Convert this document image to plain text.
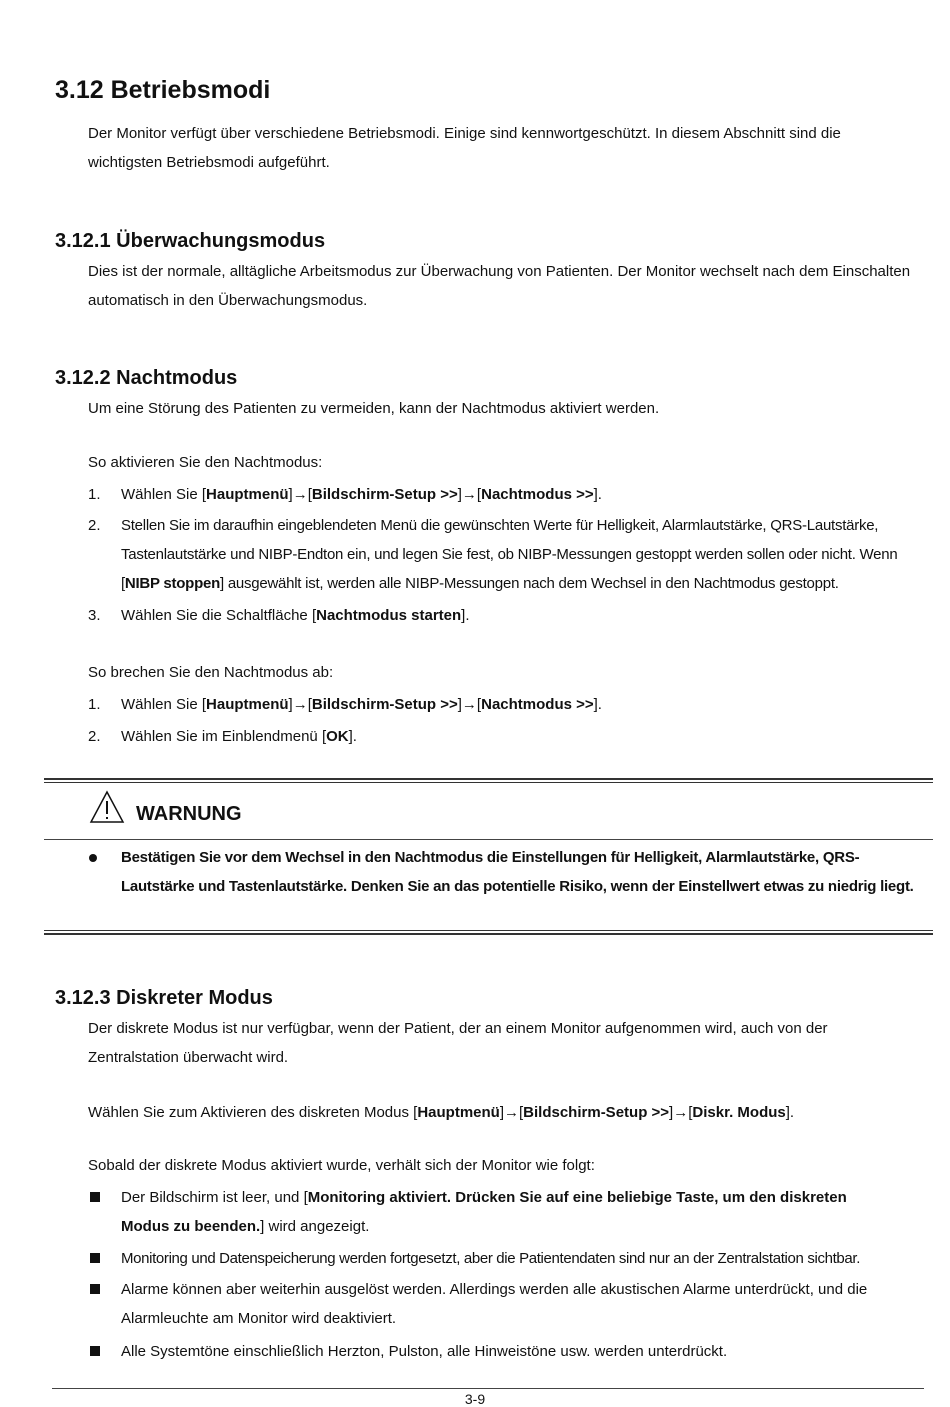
3.12 Betriebsmodi

Der Monitor verfügt über verschiedene Betriebsmodi. Einige sind kennwortgeschützt. In diesem Abschnitt sind die wichtigsten Betriebsmodi aufgeführt.

3.12.1 Überwachungsmodus

Dies ist der normale, alltägliche Arbeitsmodus zur Überwachung von Patienten. Der Monitor wechselt nach dem Einschalten automatisch in den Überwachungsmodus.

3.12.2 Nachtmodus

Um eine Störung des Patienten zu vermeiden, kann der Nachtmodus aktiviert werden.

So aktivieren Sie den Nachtmodus:

1. Wählen Sie [Hauptmenü]→[Bildschirm-Setup >>]→[Nachtmodus >>].
2. Stellen Sie im daraufhin eingeblendeten Menü die gewünschten Werte für Helligkeit, Alarmlautstärke, QRS-Lautstärke, Tastenlautstärke und NIBP-Endton ein, und legen Sie fest, ob NIBP-Messungen gestoppt werden sollen oder nicht. Wenn [NIBP stoppen] ausgewählt ist, werden alle NIBP-Messungen nach dem Wechsel in den Nachtmodus gestoppt.
3. Wählen Sie die Schaltfläche [Nachtmodus starten].

So brechen Sie den Nachtmodus ab:

1. Wählen Sie [Hauptmenü]→[Bildschirm-Setup >>]→[Nachtmodus >>].
2. Wählen Sie im Einblendmenü [OK].
WARNUNG
Bestätigen Sie vor dem Wechsel in den Nachtmodus die Einstellungen für Helligkeit, Alarmlautstärke, QRS-Lautstärke und Tastenlautstärke. Denken Sie an das potentielle Risiko, wenn der Einstellwert etwas zu niedrig liegt.
3.12.3 Diskreter Modus

Der diskrete Modus ist nur verfügbar, wenn der Patient, der an einem Monitor aufgenommen wird, auch von der Zentralstation überwacht wird.

Wählen Sie zum Aktivieren des diskreten Modus [Hauptmenü]→[Bildschirm-Setup >>]→[Diskr. Modus].

Sobald der diskrete Modus aktiviert wurde, verhält sich der Monitor wie folgt:

Der Bildschirm ist leer, und [Monitoring aktiviert. Drücken Sie auf eine beliebige Taste, um den diskreten Modus zu beenden.] wird angezeigt.
Monitoring und Datenspeicherung werden fortgesetzt, aber die Patientendaten sind nur an der Zentralstation sichtbar.
Alarme können aber weiterhin ausgelöst werden. Allerdings werden alle akustischen Alarme unterdrückt, und die Alarmleuchte am Monitor wird deaktiviert.
Alle Systemtöne einschließlich Herzton, Pulston, alle Hinweistöne usw. werden unterdrückt.
3-9
